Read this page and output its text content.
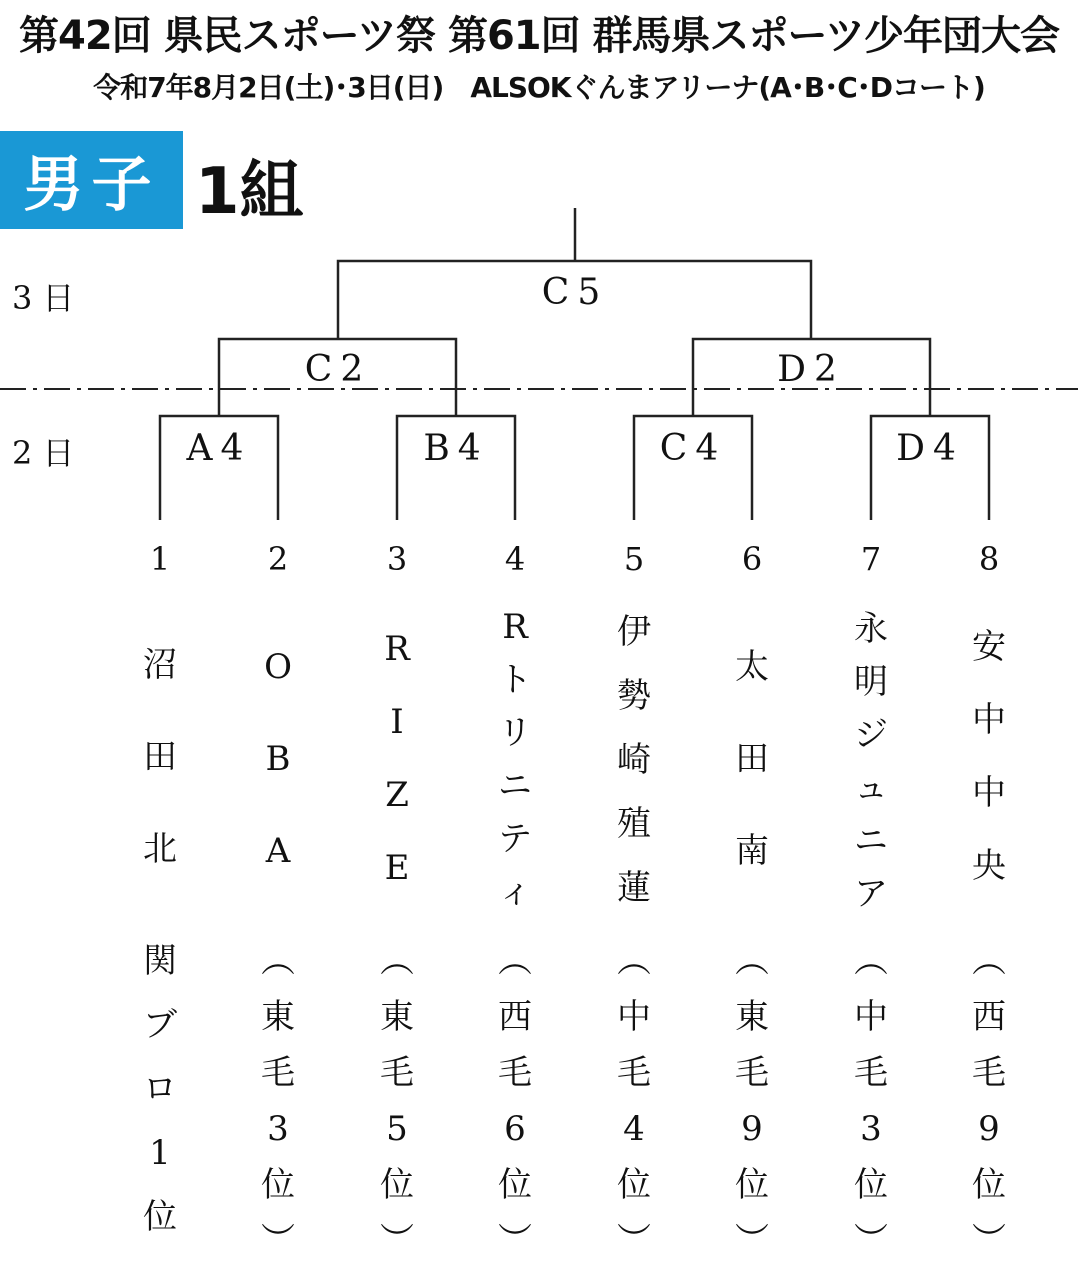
第42回 県民スポーツ祭 第61回 群馬県スポーツ少年団大会
令和7年8月2日(土)･3日(日)　ALSOKぐんまアリーナ(A･B･C･Dコート)
男子 1組
3日
2日
C5
C2	D2
A4	B4	C4	D4
1	2	3	4	5	6	7	8
沼
田
北
関
ブ
ロ
1
位
O
B
A
︵
東
毛
3
位
︶
R
I
Z
E
︵
東
毛
5
位
︶
R
ト
リ
ニ
テ
ィ
︵
西
毛
6
位
︶
伊
勢
崎
殖
蓮
︵
中
毛
4
位
︶
太
田
南
︵
東
毛
9
位
︶
永
明
ジ
ュ
ニ
ア
︵
中
毛
3
位
︶
安
中
中
央
︵
西
毛
9
位
︶
